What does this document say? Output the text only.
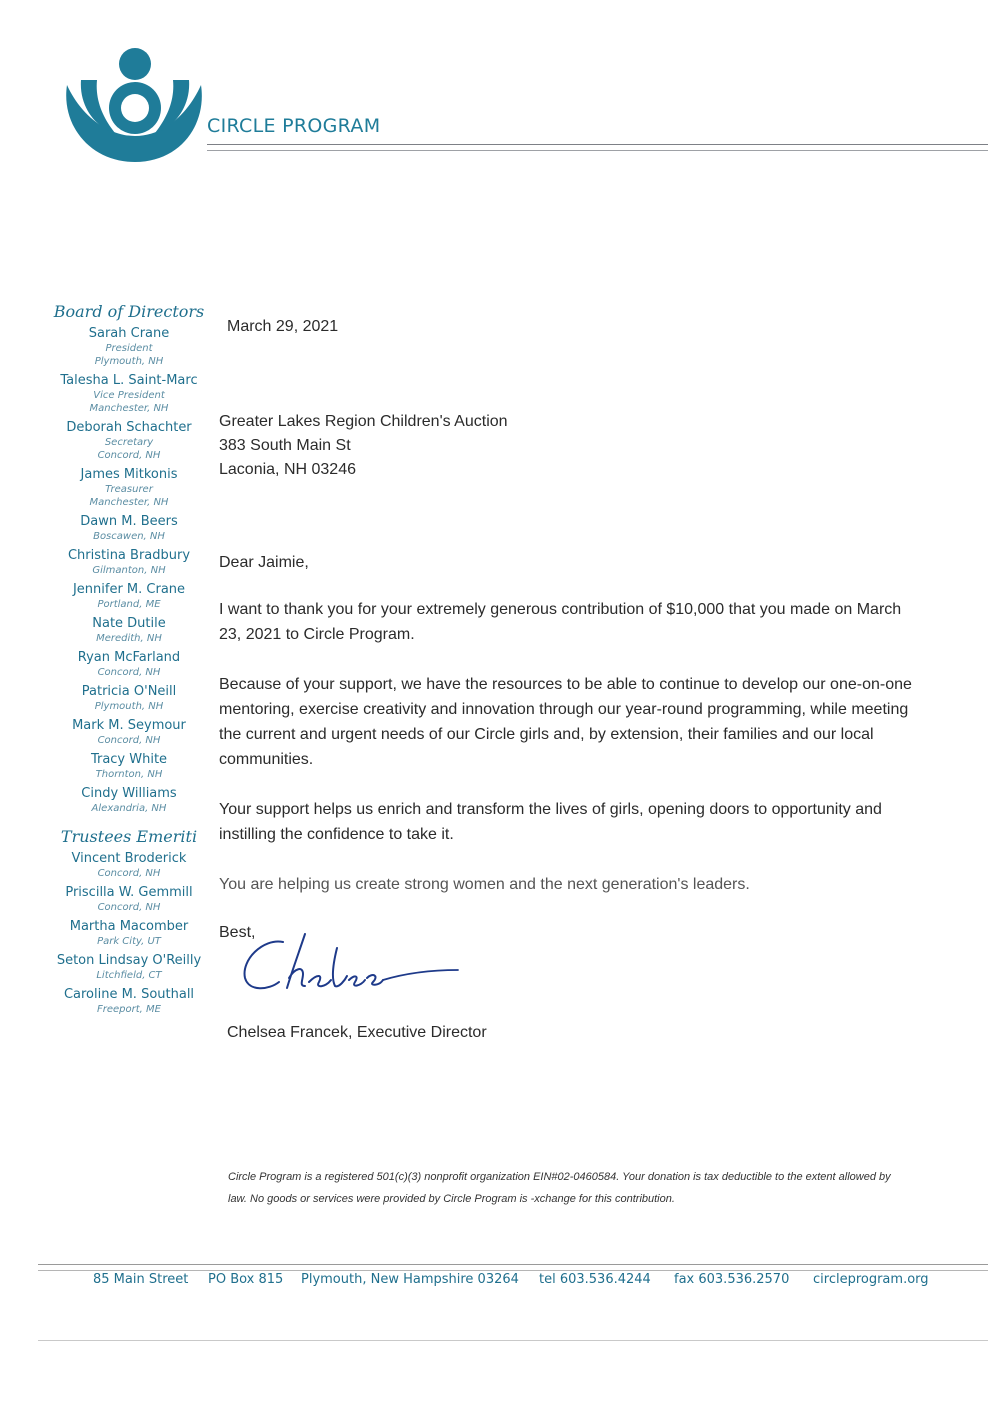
CIRCLE PROGRAM
Board of Directors
Sarah Crane
President
Plymouth, NH
Talesha L. Saint-Marc
Vice President
Manchester, NH
Deborah Schachter
Secretary
Concord, NH
James Mitkonis
Treasurer
Manchester, NH
Dawn M. Beers
Boscawen, NH
Christina Bradbury
Gilmanton, NH
Jennifer M. Crane
Portland, ME
Nate Dutile
Meredith, NH
Ryan McFarland
Concord, NH
Patricia O'Neill
Plymouth, NH
Mark M. Seymour
Concord, NH
Tracy White
Thornton, NH
Cindy Williams
Alexandria, NH
Trustees Emeriti
Vincent Broderick
Concord, NH
Priscilla W. Gemmill
Concord, NH
Martha Macomber
Park City, UT
Seton Lindsay O'Reilly
Litchfield, CT
Caroline M. Southall
Freeport, ME
March 29, 2021
Greater Lakes Region Children's Auction
383 South Main St
Laconia, NH 03246
Dear Jaimie,
I want to thank you for your extremely generous contribution of $10,000 that you made on March 23, 2021 to Circle Program.
Because of your support, we have the resources to be able to continue to develop our one-on-one mentoring, exercise creativity and innovation through our year-round programming, while meeting the current and urgent needs of our Circle girls and, by extension, their families and our local communities.
Your support helps us enrich and transform the lives of girls, opening doors to opportunity and instilling the confidence to take it.
You are helping us create strong women and the next generation's leaders.
Best,
Chelsea Francek, Executive Director
Circle Program is a registered 501(c)(3) nonprofit organization EIN#02-0460584. Your donation is tax deductible to the extent allowed by law. No goods or services were provided by Circle Program is -xchange for this contribution.
85 Main Street PO Box 815 Plymouth, New Hampshire 03264 tel 603.536.4244 fax 603.536.2570 circleprogram.org
